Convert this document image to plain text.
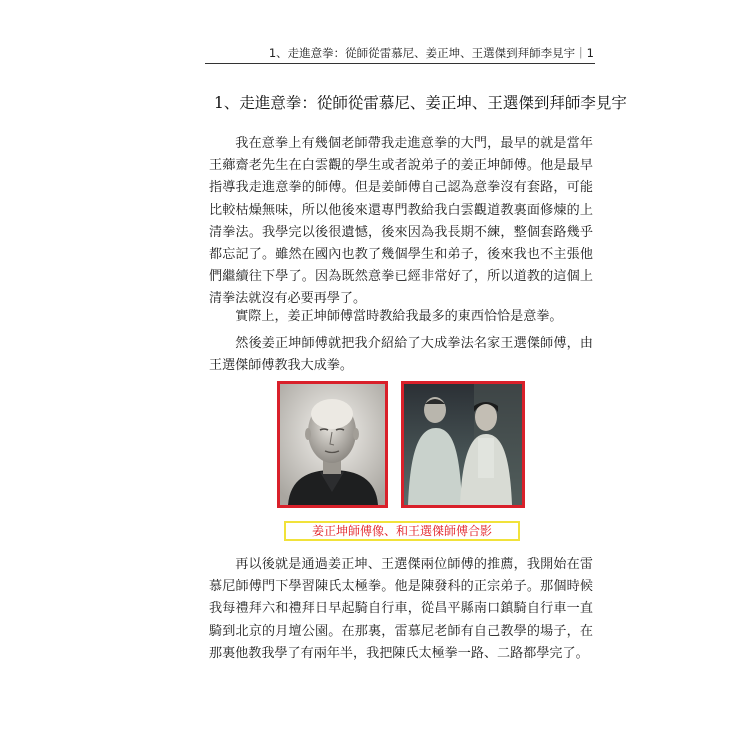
1、走進意拳：從師從雷慕尼、姜正坤、王選傑到拜師李見宇｜1
1、走進意拳：從師從雷慕尼、姜正坤、王選傑到拜師李見宇

我在意拳上有幾個老師帶我走進意拳的大門，最早的就是當年王薌齋老先生在白雲觀的學生或者說弟子的姜正坤師傅。他是最早指導我走進意拳的師傅。但是姜師傅自己認為意拳沒有套路，可能比較枯燥無味，所以他後來還專門教給我白雲觀道教裏面修煉的上清拳法。我學完以後很遺憾，後來因為我長期不練，整個套路幾乎都忘記了。雖然在國內也教了幾個學生和弟子，後來我也不主張他們繼續往下學了。因為既然意拳已經非常好了，所以道教的這個上清拳法就沒有必要再學了。

實際上，姜正坤師傅當時教給我最多的東西恰恰是意拳。

然後姜正坤師傅就把我介紹給了大成拳法名家王選傑師傅，由王選傑師傅教我大成拳。

姜正坤師傅像、和王選傑師傅合影

再以後就是通過姜正坤、王選傑兩位師傅的推薦，我開始在雷慕尼師傅門下學習陳氏太極拳。他是陳發科的正宗弟子。那個時候我每禮拜六和禮拜日早起騎自行車，從昌平縣南口鎮騎自行車一直騎到北京的月壇公園。在那裏，雷慕尼老師有自己教學的場子，在那裏他教我學了有兩年半，我把陳氏太極拳一路、二路都學完了。
